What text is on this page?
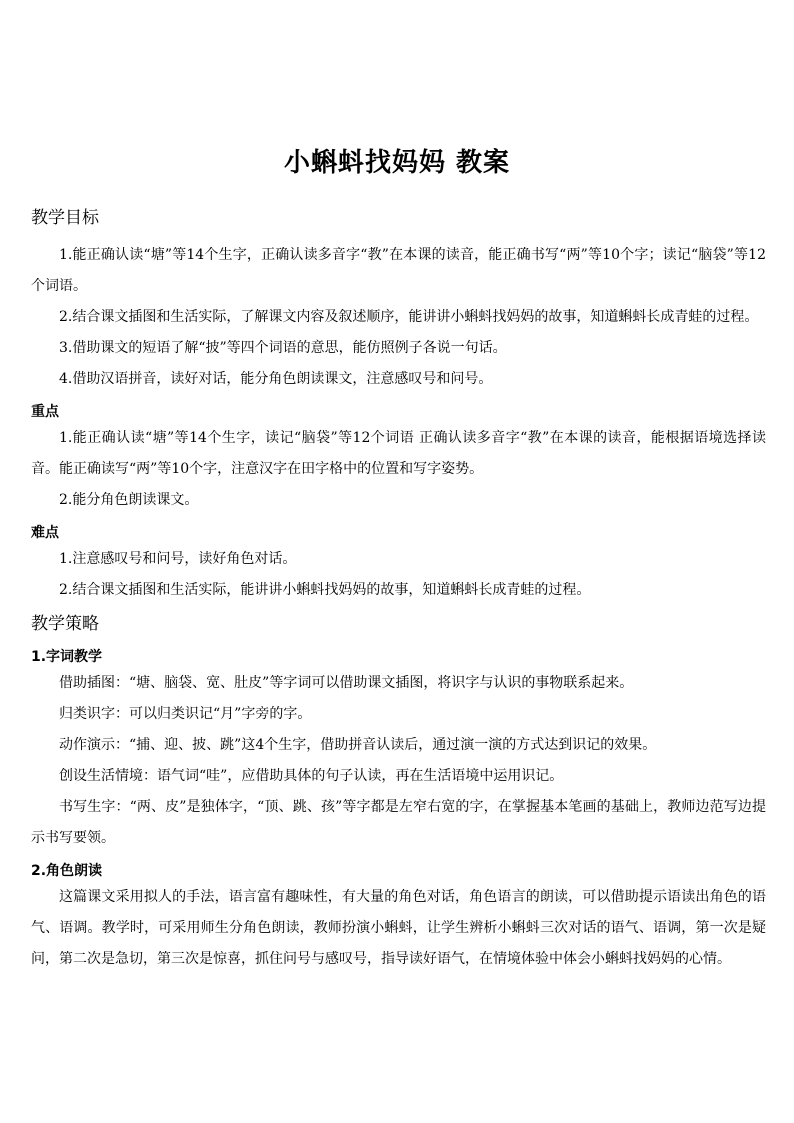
小蝌蚪找妈妈 教案
教学目标

1.能正确认读“塘”等14个生字，正确认读多音字“教”在本课的读音，能正确书写“两”等10个字；读记“脑袋”等12个词语。

2.结合课文插图和生活实际，了解课文内容及叙述顺序，能讲讲小蝌蚪找妈妈的故事，知道蝌蚪长成青蛙的过程。

3.借助课文的短语了解“披”等四个词语的意思，能仿照例子各说一句话。

4.借助汉语拼音，读好对话，能分角色朗读课文，注意感叹号和问号。

重点

1.能正确认读“塘”等14个生字，读记“脑袋”等12个词语 正确认读多音字“教”在本课的读音，能根据语境选择读音。能正确读写“两”等10个字，注意汉字在田字格中的位置和写字姿势。

2.能分角色朗读课文。

难点

1.注意感叹号和问号，读好角色对话。

2.结合课文插图和生活实际，能讲讲小蝌蚪找妈妈的故事，知道蝌蚪长成青蛙的过程。

教学策略
1.字词教学

借助插图：“塘、脑袋、宽、肚皮”等字词可以借助课文插图，将识字与认识的事物联系起来。

归类识字：可以归类识记“月”字旁的字。

动作演示：“捕、迎、披、跳”这4个生字，借助拼音认读后，通过演一演的方式达到识记的效果。

创设生活情境：语气词“哇”，应借助具体的句子认读，再在生活语境中运用识记。

书写生字：“两、皮”是独体字，“顶、跳、孩”等字都是左窄右宽的字，在掌握基本笔画的基础上，教师边范写边提示书写要领。

2.角色朗读

这篇课文采用拟人的手法，语言富有趣味性，有大量的角色对话，角色语言的朗读，可以借助提示语读出角色的语气、语调。教学时，可采用师生分角色朗读，教师扮演小蝌蚪，让学生辨析小蝌蚪三次对话的语气、语调，第一次是疑问，第二次是急切，第三次是惊喜，抓住问号与感叹号，指导读好语气，在情境体验中体会小蝌蚪找妈妈的心情。
